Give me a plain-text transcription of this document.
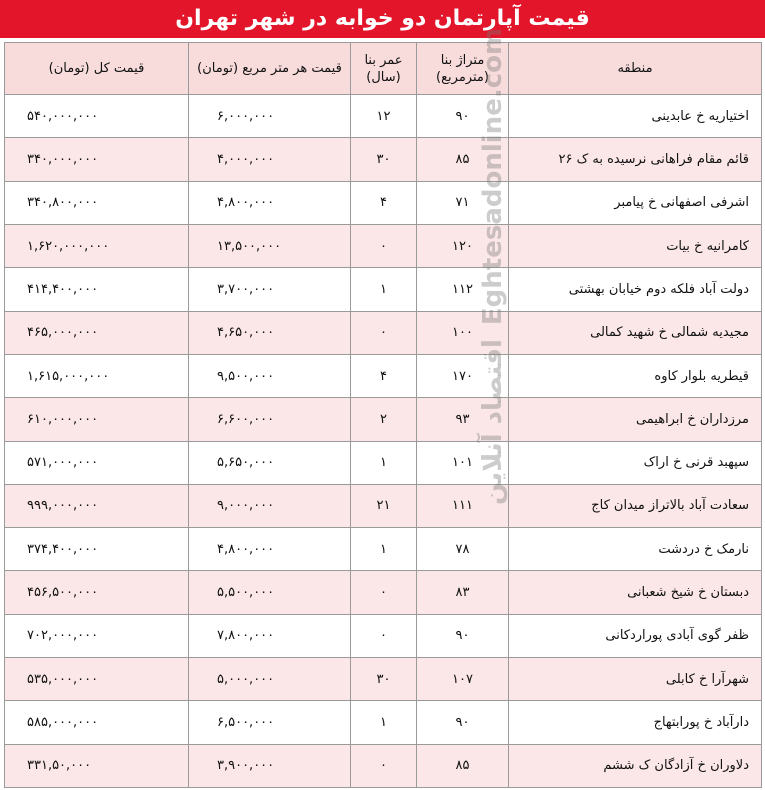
قیمت آپارتمان دو خوابه در شهر تهران
منطقه	متراژ بنا (مترمربع)	عمر بنا (سال)	قیمت هر متر مربع (تومان)	قیمت کل (تومان)
اختیاریه خ عابدینی	۹۰	۱۲	۶,۰۰۰,۰۰۰	۵۴۰,۰۰۰,۰۰۰
قائم مقام فراهانی نرسیده به ک ۲۶	۸۵	۳۰	۴,۰۰۰,۰۰۰	۳۴۰,۰۰۰,۰۰۰
اشرفی اصفهانی خ پیامبر	۷۱	۴	۴,۸۰۰,۰۰۰	۳۴۰,۸۰۰,۰۰۰
کامرانیه خ بیات	۱۲۰	۰	۱۳,۵۰۰,۰۰۰	۱,۶۲۰,۰۰۰,۰۰۰
دولت آباد فلکه دوم خیابان بهشتی	۱۱۲	۱	۳,۷۰۰,۰۰۰	۴۱۴,۴۰۰,۰۰۰
مجیدیه شمالی خ شهید کمالی	۱۰۰	۰	۴,۶۵۰,۰۰۰	۴۶۵,۰۰۰,۰۰۰
قیطریه بلوار کاوه	۱۷۰	۴	۹,۵۰۰,۰۰۰	۱,۶۱۵,۰۰۰,۰۰۰
مرزداران خ ابراهیمی	۹۳	۲	۶,۶۰۰,۰۰۰	۶۱۰,۰۰۰,۰۰۰
سپهبد قرنی خ اراک	۱۰۱	۱	۵,۶۵۰,۰۰۰	۵۷۱,۰۰۰,۰۰۰
سعادت آباد بالاتراز میدان کاج	۱۱۱	۲۱	۹,۰۰۰,۰۰۰	۹۹۹,۰۰۰,۰۰۰
نارمک خ دردشت	۷۸	۱	۴,۸۰۰,۰۰۰	۳۷۴,۴۰۰,۰۰۰
دبستان خ شیخ شعبانی	۸۳	۰	۵,۵۰۰,۰۰۰	۴۵۶,۵۰۰,۰۰۰
ظفر گوی آبادی پوراردکانی	۹۰	۰	۷,۸۰۰,۰۰۰	۷۰۲,۰۰۰,۰۰۰
شهرآرا خ کابلی	۱۰۷	۳۰	۵,۰۰۰,۰۰۰	۵۳۵,۰۰۰,۰۰۰
دارآباد خ پورابتهاج	۹۰	۱	۶,۵۰۰,۰۰۰	۵۸۵,۰۰۰,۰۰۰
دلاوران خ آزادگان ک ششم	۸۵	۰	۳,۹۰۰,۰۰۰	۳۳۱,۵۰,۰۰۰
اقتصاد آنلاینEghtesadonline.com
